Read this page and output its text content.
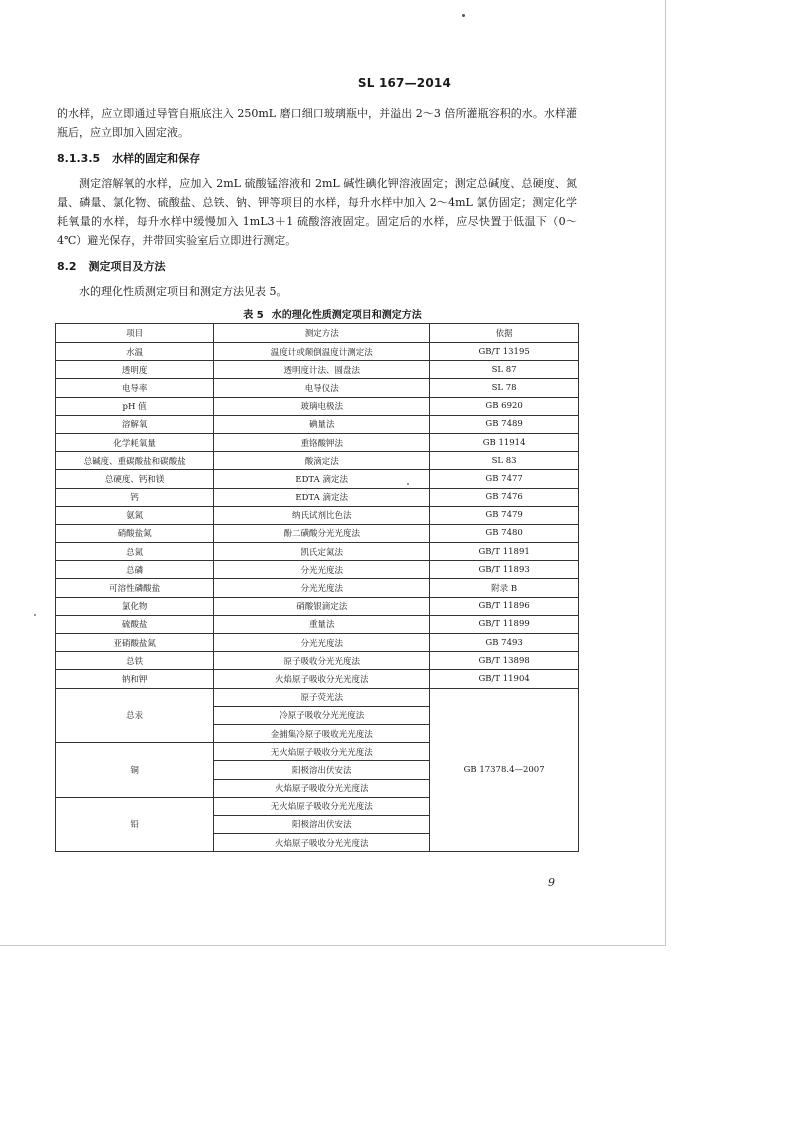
SL 167—2014

的水样，应立即通过导管自瓶底注入 250mL 磨口细口玻璃瓶中，并溢出 2～3 倍所灌瓶容积的水。水样灌瓶后，应立即加入固定液。

8.1.3.5 水样的固定和保存

测定溶解氧的水样，应加入 2mL 硫酸锰溶液和 2mL 碱性碘化钾溶液固定；测定总碱度、总硬度、氮量、磷量、氯化物、硫酸盐、总铁、钠、钾等项目的水样，每升水样中加入 2～4mL 氯仿固定；测定化学耗氧量的水样，每升水样中缓慢加入 1mL3＋1 硫酸溶液固定。固定后的水样，应尽快置于低温下（0～4℃）避光保存，并带回实验室后立即进行测定。

8.2 测定项目及方法

水的理化性质测定项目和测定方法见表 5。

表 5 水的理化性质测定项目和测定方法
项目	测定方法	依据
水温	温度计或颠倒温度计测定法	GB/T 13195
透明度	透明度计法、圆盘法	SL 87
电导率	电导仪法	SL 78
pH 值	玻璃电极法	GB 6920
溶解氧	碘量法	GB 7489
化学耗氧量	重铬酸钾法	GB 11914
总碱度、重碳酸盐和碳酸盐	酸滴定法	SL 83
总硬度、钙和镁	EDTA 滴定法	GB 7477
钙	EDTA 滴定法	GB 7476
氨氮	纳氏试剂比色法	GB 7479
硝酸盐氮	酚二磺酸分光光度法	GB 7480
总氮	凯氏定氮法	GB/T 11891
总磷	分光光度法	GB/T 11893
可溶性磷酸盐	分光光度法	附录 B
氯化物	硝酸银滴定法	GB/T 11896
硫酸盐	重量法	GB/T 11899
亚硝酸盐氮	分光光度法	GB 7493
总铁	原子吸收分光光度法	GB/T 13898
钠和钾	火焰原子吸收分光光度法	GB/T 11904
总汞	原子荧光法	GB 17378.4—2007
	冷原子吸收分光光度法	
	金捕集冷原子吸收光光度法	
铜	无火焰原子吸收分光光度法	
	阳极溶出伏安法	
	火焰原子吸收分光光度法	
铅	无火焰原子吸收分光光度法	
	阳极溶出伏安法	
	火焰原子吸收分光光度法	
9
